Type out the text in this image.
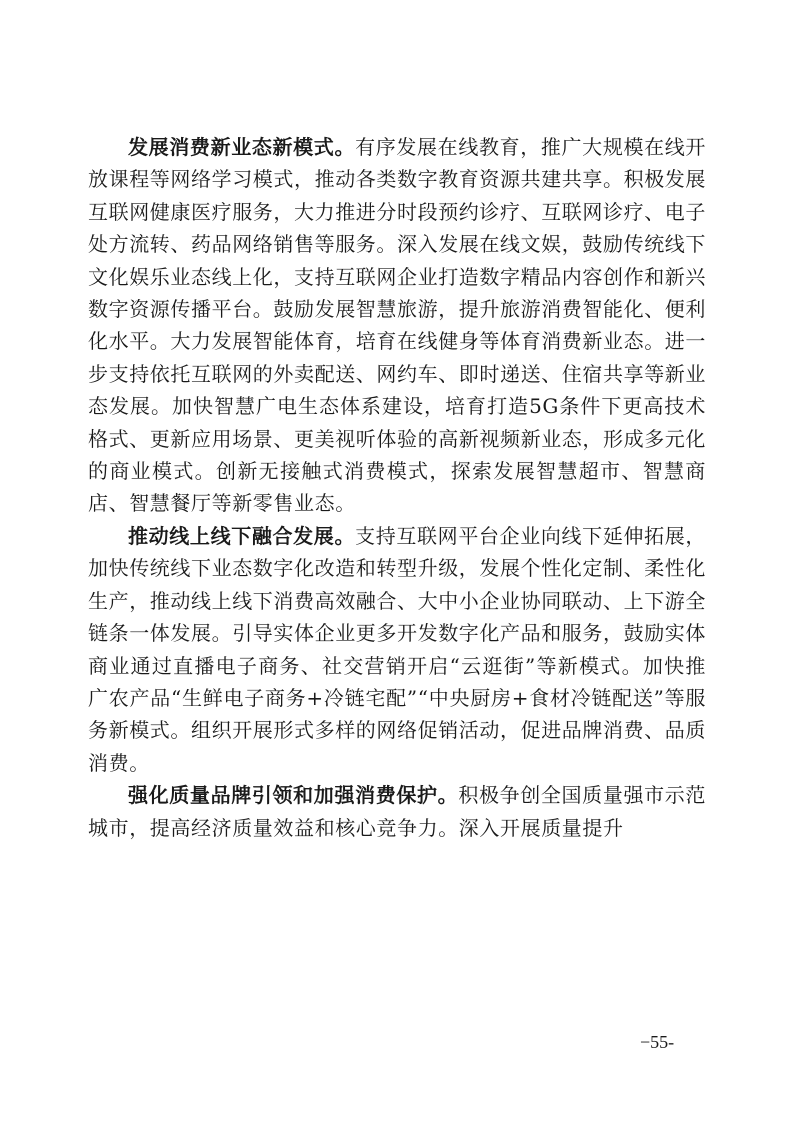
发展消费新业态新模式。有序发展在线教育，推广大规模在线开放课程等网络学习模式，推动各类数字教育资源共建共享。积极发展互联网健康医疗服务，大力推进分时段预约诊疗、互联网诊疗、电子处方流转、药品网络销售等服务。深入发展在线文娱，鼓励传统线下文化娱乐业态线上化，支持互联网企业打造数字精品内容创作和新兴数字资源传播平台。鼓励发展智慧旅游，提升旅游消费智能化、便利化水平。大力发展智能体育，培育在线健身等体育消费新业态。进一步支持依托互联网的外卖配送、网约车、即时递送、住宿共享等新业态发展。加快智慧广电生态体系建设，培育打造5G条件下更高技术格式、更新应用场景、更美视听体验的高新视频新业态，形成多元化的商业模式。创新无接触式消费模式，探索发展智慧超市、智慧商店、智慧餐厅等新零售业态。

推动线上线下融合发展。支持互联网平台企业向线下延伸拓展，加快传统线下业态数字化改造和转型升级，发展个性化定制、柔性化生产，推动线上线下消费高效融合、大中小企业协同联动、上下游全链条一体发展。引导实体企业更多开发数字化产品和服务，鼓励实体商业通过直播电子商务、社交营销开启“云逛街”等新模式。加快推广农产品“生鲜电子商务+冷链宅配”“中央厨房+食材冷链配送”等服务新模式。组织开展形式多样的网络促销活动，促进品牌消费、品质消费。

强化质量品牌引领和加强消费保护。积极争创全国质量强市示范城市，提高经济质量效益和核心竞争力。深入开展质量提升

−55-
